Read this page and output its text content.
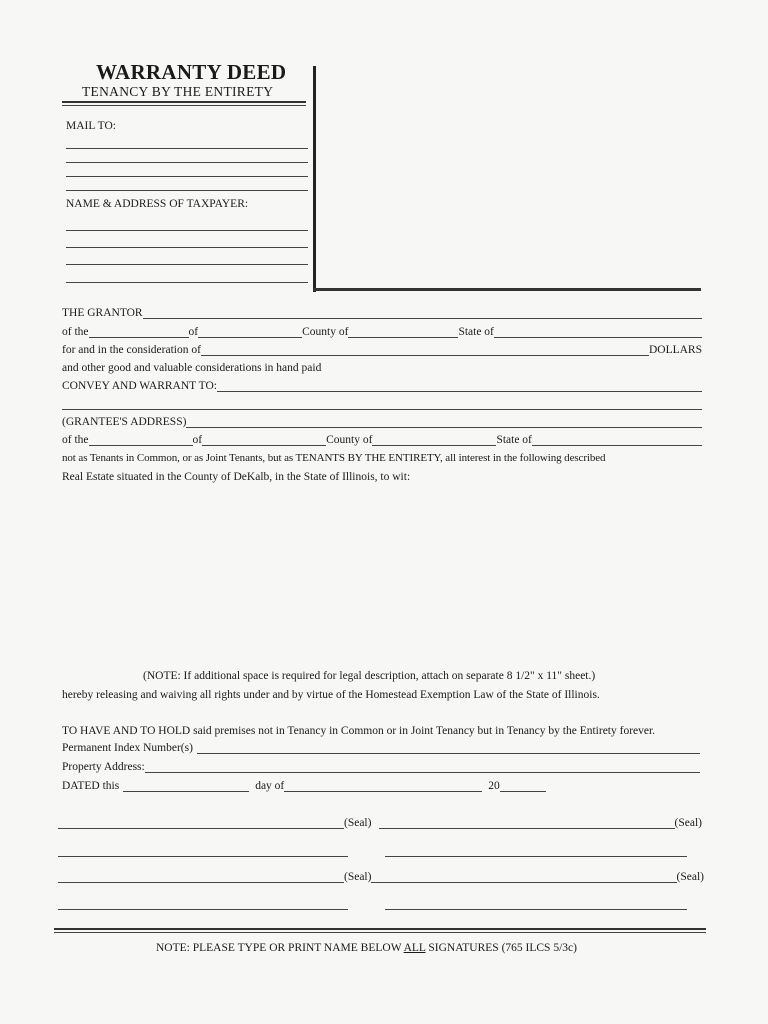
WARRANTY DEED
TENANCY BY THE ENTIRETY
MAIL TO:
NAME & ADDRESS OF TAXPAYER:
THE GRANTOR
of the	of	County of	State of
for and in the consideration of	DOLLARS
and other good and valuable considerations in hand paid
CONVEY AND WARRANT TO:
(GRANTEE'S ADDRESS)
of the	of	County of	State of
not as Tenants in Common, or as Joint Tenants, but as TENANTS BY THE ENTIRETY, all interest in the following described
Real Estate situated in the County of DeKalb, in the State of Illinois, to wit:
(NOTE: If additional space is required for legal description, attach on separate 8 1/2" x 11" sheet.)
hereby releasing and waiving all rights under and by virtue of the Homestead Exemption Law of the State of Illinois.
TO HAVE AND TO HOLD said premises not in Tenancy in Common or in Joint Tenancy but in Tenancy by the Entirety forever.
Permanent Index Number(s)
Property Address:
DATED this	day of	20
(Seal)	(Seal)
(Seal)	(Seal)
NOTE: PLEASE TYPE OR PRINT NAME BELOW ALL SIGNATURES (765 ILCS 5/3c)
